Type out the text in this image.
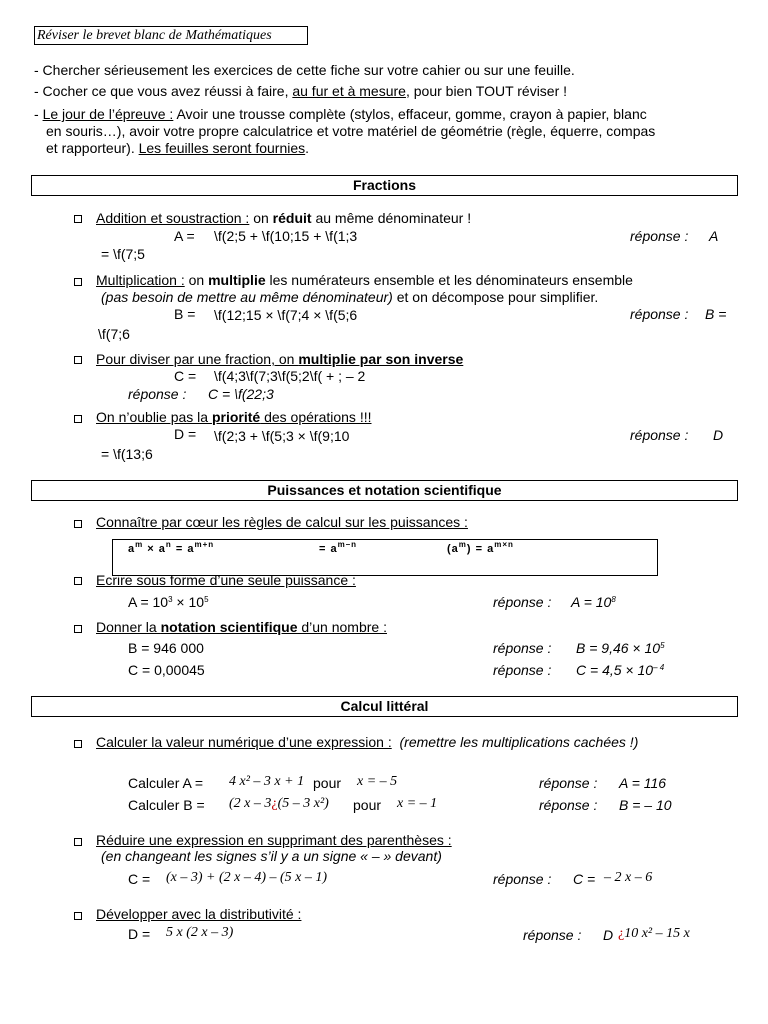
Réviser le brevet blanc de Mathématiques
- Chercher sérieusement les exercices de cette fiche sur votre cahier ou sur une feuille.
- Cocher ce que vous avez réussi à faire, au fur et à mesure, pour bien TOUT réviser !
- Le jour de l’épreuve : Avoir une trousse complète (stylos, effaceur, gomme, crayon à papier, blanc
en souris…), avoir votre propre calculatrice et votre matériel de géométrie (règle, équerre, compas
et rapporteur). Les feuilles seront fournies.
Fractions
Addition et soustraction : on réduit au même dénominateur !
A = \f(2;5 + \f(10;15 + \f(1;3	réponse : A
= \f(7;5
Multiplication : on multiplie les numérateurs ensemble et les dénominateurs ensemble
(pas besoin de mettre au même dénominateur) et on décompose pour simplifier.
B = \f(12;15 × \f(7;4 × \f(5;6	réponse : B =
\f(7;6
Pour diviser par une fraction, on multiplie par son inverse
C = \f(4;3\f(7;3\f(5;2\f( + ; – 2
réponse : C = \f(22;3
On n’oublie pas la priorité des opérations !!!
D = \f(2;3 + \f(5;3 × \f(9;10	réponse : D
= \f(13;6
Puissances et notation scientifique
Connaître par cœur les règles de calcul sur les puissances :
$a^m \times a^n = a^{m+n}$	= $a^{m-n}$	$(a^m) = a^{m\times n}$
Ecrire sous forme d’une seule puissance :
$A = 10^3 \times 10^5$	réponse : $A = 10^8$
Donner la notation scientifique d’un nombre :
B = 946 000	réponse : $B = 9,46 \times 10^5$
C = 0,00045	réponse : $C = 4,5 \times 10^{- 4}$
Calcul littéral
Calculer la valeur numérique d’une expression : (remettre les multiplications cachées !)
Calculer A = 4 x² – 3 x + 1 pour x = – 5	réponse : A = 116
Calculer B = (2 x – 3¿(5 – 3 x²) pour x = – 1	réponse : B = – 10
Réduire une expression en supprimant des parenthèses :
(en changeant les signes s’il y a un signe « – » devant)
C = (x – 3) + (2 x – 4) – (5 x – 1)	réponse : C = – 2 x – 6
Développer avec la distributivité :
D = 5 x (2 x – 3)	réponse : D ¿10 x² – 15 x
